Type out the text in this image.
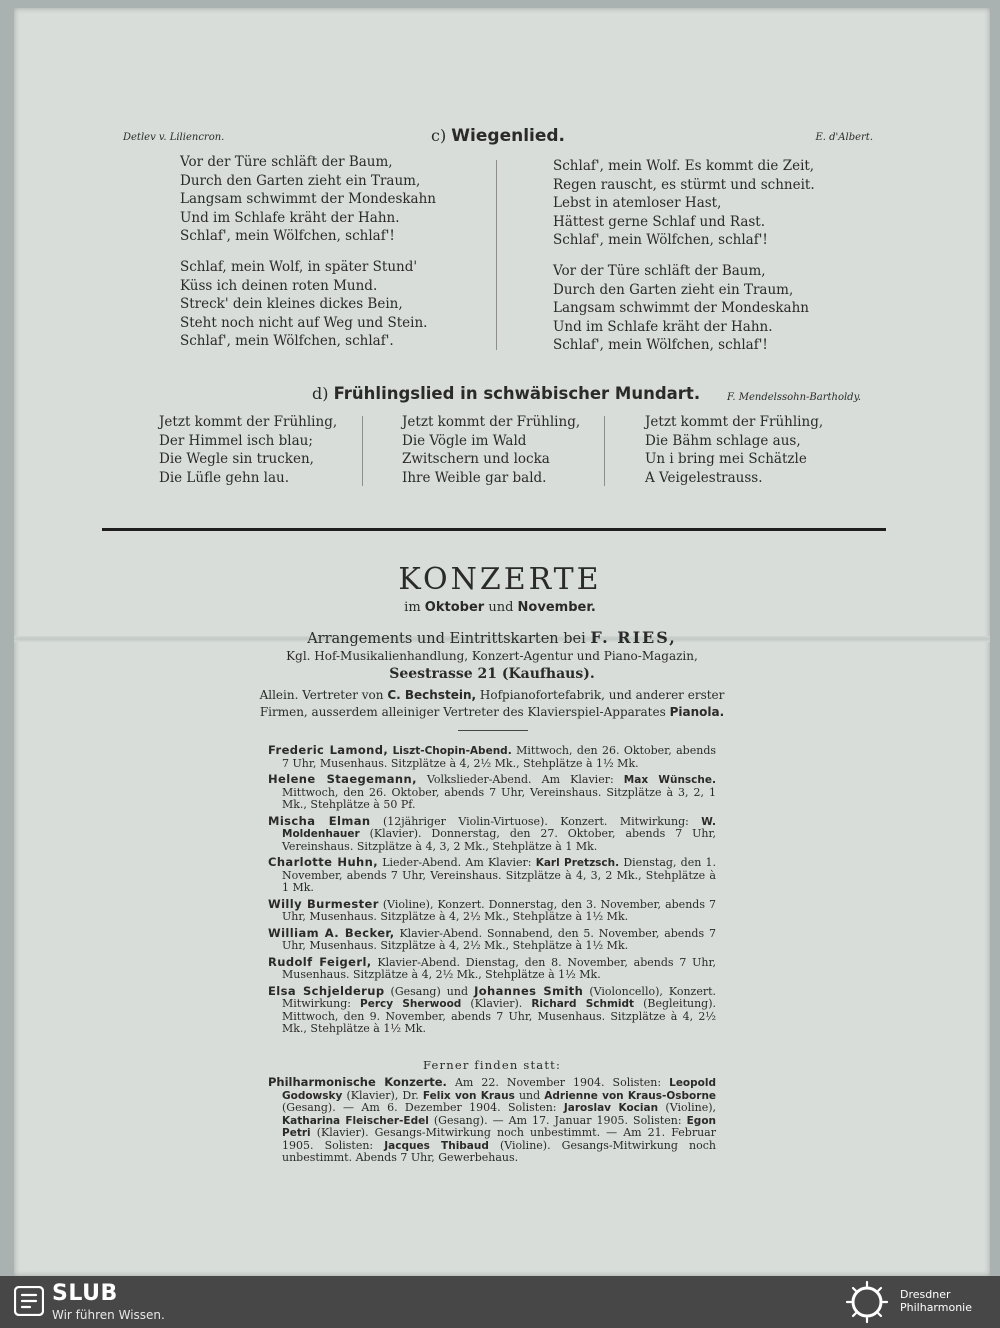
Detlev v. Liliencron.	c) Wiegenlied.	E. d'Albert.
Vor der Türe schläft der Baum,
Durch den Garten zieht ein Traum,
Langsam schwimmt der Mondeskahn
Und im Schlafe kräht der Hahn.
Schlaf', mein Wölfchen, schlaf'!
Schlaf, mein Wolf, in später Stund'
Küss ich deinen roten Mund.
Streck' dein kleines dickes Bein,
Steht noch nicht auf Weg und Stein.
Schlaf', mein Wölfchen, schlaf'.
Schlaf', mein Wolf. Es kommt die Zeit,
Regen rauscht, es stürmt und schneit.
Lebst in atemloser Hast,
Hättest gerne Schlaf und Rast.
Schlaf', mein Wölfchen, schlaf'!
Vor der Türe schläft der Baum,
Durch den Garten zieht ein Traum,
Langsam schwimmt der Mondeskahn
Und im Schlafe kräht der Hahn.
Schlaf', mein Wölfchen, schlaf'!
d) Frühlingslied in schwäbischer Mundart.	F. Mendelssohn-Bartholdy.
Jetzt kommt der Frühling,
Der Himmel isch blau;
Die Wegle sin trucken,
Die Lüfle gehn lau.
Jetzt kommt der Frühling,
Die Vögle im Wald
Zwitschern und locka
Ihre Weible gar bald.
Jetzt kommt der Frühling,
Die Bähm schlage aus,
Un i bring mei Schätzle
A Veigelestrauss.
KONZERTE
im Oktober und November.
Arrangements und Eintrittskarten bei F. RIES,
Kgl. Hof-Musikalienhandlung, Konzert-Agentur und Piano-Magazin,
Seestrasse 21 (Kaufhaus).
Allein. Vertreter von C. Bechstein, Hofpianofortefabrik, und anderer erster
Firmen, ausserdem alleiniger Vertreter des Klavierspiel-Apparates Pianola.
Frederic Lamond, Liszt-Chopin-Abend. Mittwoch, den 26. Oktober, abends 7 Uhr, Musenhaus. Sitzplätze à 4, 2½ Mk., Stehplätze à 1½ Mk.
Helene Staegemann, Volkslieder-Abend. Am Klavier: Max Wünsche. Mittwoch, den 26. Oktober, abends 7 Uhr, Vereinshaus. Sitzplätze à 3, 2, 1 Mk., Stehplätze à 50 Pf.
Mischa Elman (12jähriger Violin-Virtuose). Konzert. Mitwirkung: W. Moldenhauer (Klavier). Donnerstag, den 27. Oktober, abends 7 Uhr, Vereinshaus. Sitzplätze à 4, 3, 2 Mk., Stehplätze à 1 Mk.
Charlotte Huhn, Lieder-Abend. Am Klavier: Karl Pretzsch. Dienstag, den 1. November, abends 7 Uhr, Vereinshaus. Sitzplätze à 4, 3, 2 Mk., Stehplätze à 1 Mk.
Willy Burmester (Violine), Konzert. Donnerstag, den 3. November, abends 7 Uhr, Musenhaus. Sitzplätze à 4, 2½ Mk., Stehplätze à 1½ Mk.
William A. Becker, Klavier-Abend. Sonnabend, den 5. November, abends 7 Uhr, Musenhaus. Sitzplätze à 4, 2½ Mk., Stehplätze à 1½ Mk.
Rudolf Feigerl, Klavier-Abend. Dienstag, den 8. November, abends 7 Uhr, Musenhaus. Sitzplätze à 4, 2½ Mk., Stehplätze à 1½ Mk.
Elsa Schjelderup (Gesang) und Johannes Smith (Violoncello), Konzert. Mitwirkung: Percy Sherwood (Klavier). Richard Schmidt (Begleitung). Mittwoch, den 9. November, abends 7 Uhr, Musenhaus. Sitzplätze à 4, 2½ Mk., Stehplätze à 1½ Mk.
Ferner finden statt:
Philharmonische Konzerte. Am 22. November 1904. Solisten: Leopold Godowsky (Klavier), Dr. Felix von Kraus und Adrienne von Kraus-Osborne (Gesang). — Am 6. Dezember 1904. Solisten: Jaroslav Kocian (Violine), Katharina Fleischer-Edel (Gesang). — Am 17. Januar 1905. Solisten: Egon Petri (Klavier). Gesangs-Mitwirkung noch unbestimmt. — Am 21. Februar 1905. Solisten: Jacques Thibaud (Violine). Gesangs-Mitwirkung noch unbestimmt. Abends 7 Uhr, Gewerbehaus.
SLUB
Wir führen Wissen.
Dresdner
Philharmonie
